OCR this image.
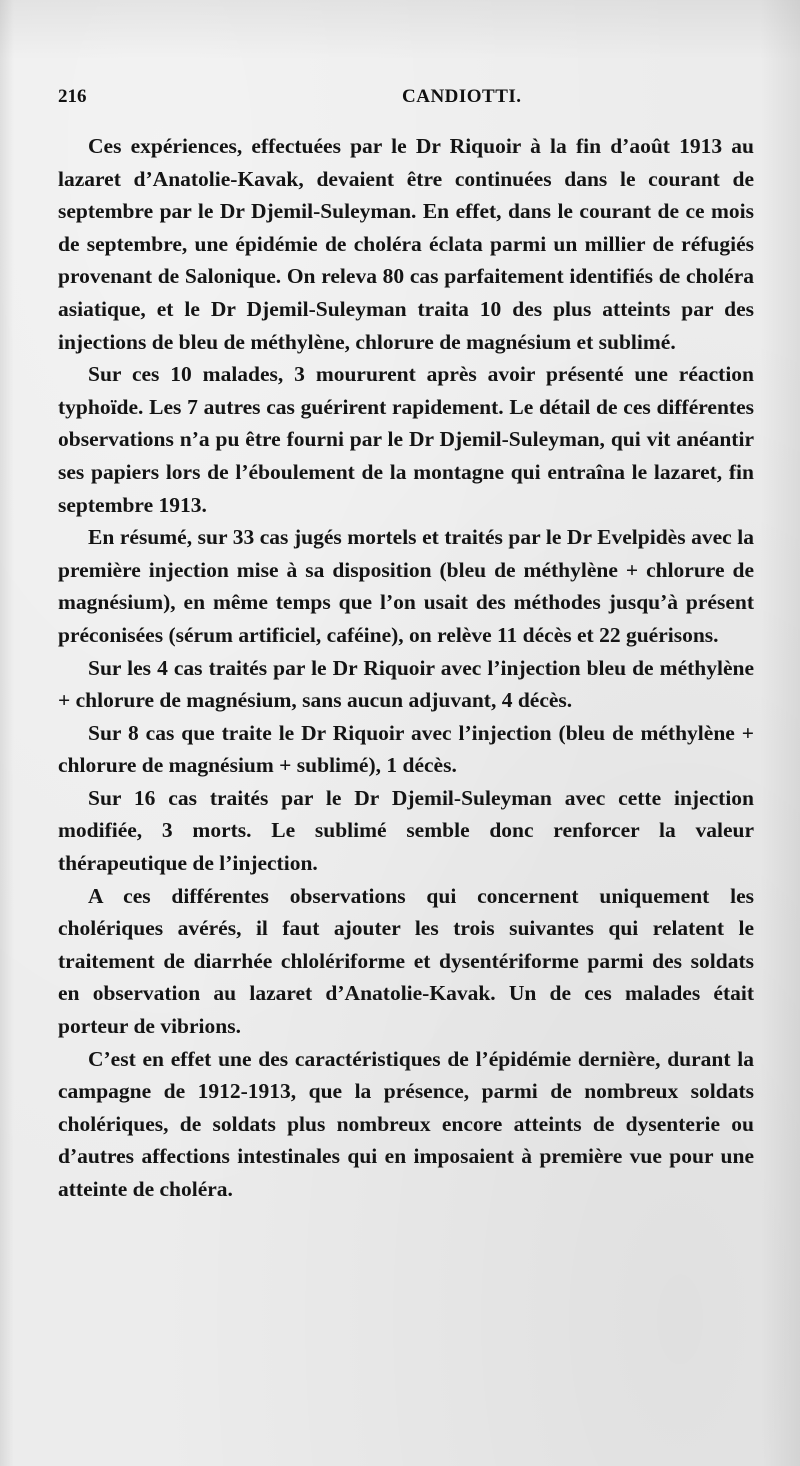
216	CANDIOTTI.

Ces expériences, effectuées par le Dr Riquoir à la fin d’août 1913 au lazaret d’Anatolie-Kavak, devaient être continuées dans le courant de septembre par le Dr Djemil-Suleyman. En effet, dans le courant de ce mois de septembre, une épidémie de choléra éclata parmi un millier de réfugiés provenant de Salonique. On releva 80 cas parfaitement identifiés de choléra asiatique, et le Dr Djemil-Suleyman traita 10 des plus atteints par des injections de bleu de méthylène, chlorure de magnésium et sublimé.

Sur ces 10 malades, 3 moururent après avoir présenté une réaction typhoïde. Les 7 autres cas guérirent rapidement. Le détail de ces différentes observations n’a pu être fourni par le Dr Djemil-Suleyman, qui vit anéantir ses papiers lors de l’éboulement de la montagne qui entraîna le lazaret, fin septembre 1913.

En résumé, sur 33 cas jugés mortels et traités par le Dr Evelpidès avec la première injection mise à sa disposition (bleu de méthylène + chlorure de magnésium), en même temps que l’on usait des méthodes jusqu’à présent préconisées (sérum artificiel, caféine), on relève 11 décès et 22 guérisons.

Sur les 4 cas traités par le Dr Riquoir avec l’injection bleu de méthylène + chlorure de magnésium, sans aucun adjuvant, 4 décès.

Sur 8 cas que traite le Dr Riquoir avec l’injection (bleu de méthylène + chlorure de magnésium + sublimé), 1 décès.

Sur 16 cas traités par le Dr Djemil-Suleyman avec cette injection modifiée, 3 morts. Le sublimé semble donc renforcer la valeur thérapeutique de l’injection.

A ces différentes observations qui concernent uniquement les cholériques avérés, il faut ajouter les trois suivantes qui relatent le traitement de diarrhée chlolériforme et dysentériforme parmi des soldats en observation au lazaret d’Anatolie-Kavak. Un de ces malades était porteur de vibrions.

C’est en effet une des caractéristiques de l’épidémie dernière, durant la campagne de 1912-1913, que la présence, parmi de nombreux soldats cholériques, de soldats plus nombreux encore atteints de dysenterie ou d’autres affections intestinales qui en imposaient à première vue pour une atteinte de choléra.
